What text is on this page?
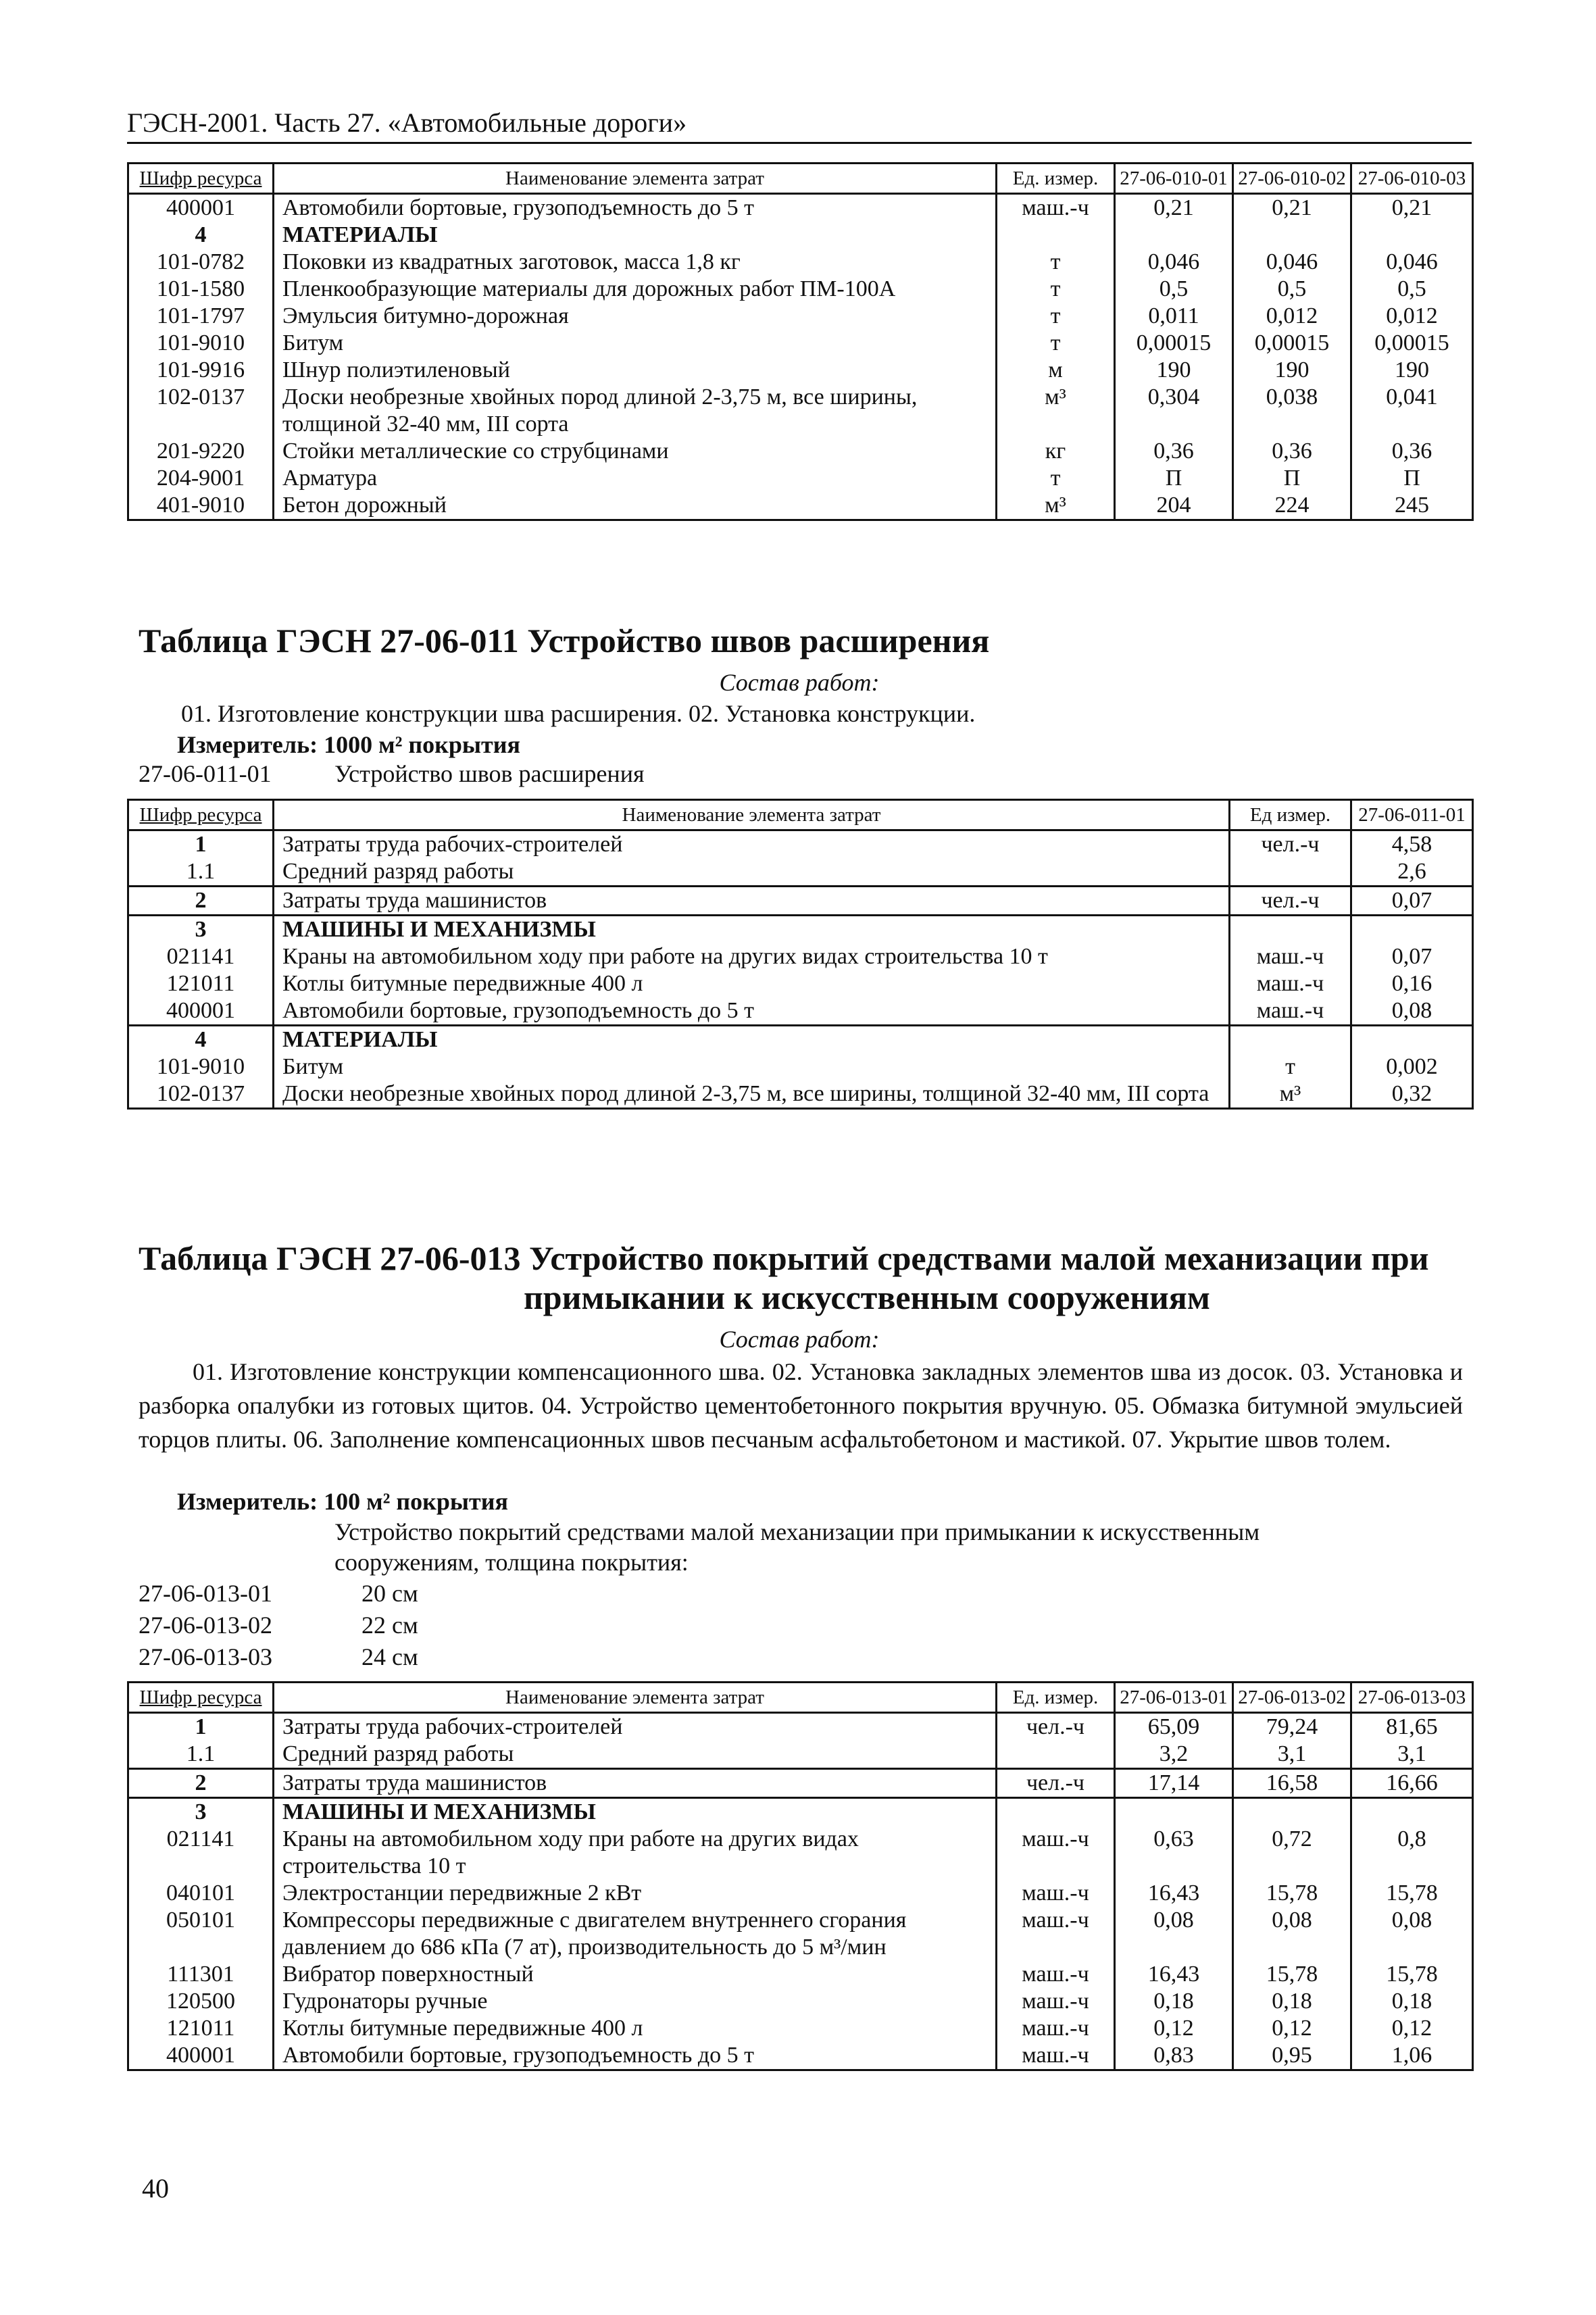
ГЭСН-2001. Часть 27. «Автомобильные дороги»
Шифр ресурса	Наименование элемента затрат	Ед. измер.	27-06-010-01	27-06-010-02	27-06-010-03
400001	Автомобили бортовые, грузоподъемность до 5 т	маш.-ч	0,21	0,21	0,21
4	МАТЕРИАЛЫ				
101-0782	Поковки из квадратных заготовок, масса 1,8 кг	т	0,046	0,046	0,046
101-1580	Пленкообразующие материалы для дорожных работ ПМ-100А	т	0,5	0,5	0,5
101-1797	Эмульсия битумно-дорожная	т	0,011	0,012	0,012
101-9010	Битум	т	0,00015	0,00015	0,00015
101-9916	Шнур полиэтиленовый	м	190	190	190
102-0137	Доски необрезные хвойных пород длиной 2-3,75 м, все ширины, толщиной 32-40 мм, III сорта	м³	0,304	0,038	0,041
201-9220	Стойки металлические со струбцинами	кг	0,36	0,36	0,36
204-9001	Арматура	т	П	П	П
401-9010	Бетон дорожный	м³	204	224	245
Таблица ГЭСН 27-06-011 Устройство швов расширения
Состав работ:
01. Изготовление конструкции шва расширения. 02. Установка конструкции.
Измеритель: 1000 м² покрытия
27-06-011-01	Устройство швов расширения
Шифр ресурса	Наименование элемента затрат	Ед измер.	27-06-011-01
1	Затраты труда рабочих-строителей	чел.-ч	4,58
1.1	Средний разряд работы		2,6
2	Затраты труда машинистов	чел.-ч	0,07
3	МАШИНЫ И МЕХАНИЗМЫ		
021141	Краны на автомобильном ходу при работе на других видах строительства 10 т	маш.-ч	0,07
121011	Котлы битумные передвижные 400 л	маш.-ч	0,16
400001	Автомобили бортовые, грузоподъемность до 5 т	маш.-ч	0,08
4	МАТЕРИАЛЫ		
101-9010	Битум	т	0,002
102-0137	Доски необрезные хвойных пород длиной 2-3,75 м, все ширины, толщиной 32-40 мм, III сорта	м³	0,32
Таблица ГЭСН 27-06-013 Устройство покрытий средствами малой механизации при
примыкании к искусственным сооружениям
Состав работ:
01. Изготовление конструкции компенсационного шва. 02. Установка закладных элементов шва из досок. 03. Установка и разборка опалубки из готовых щитов. 04. Устройство цементобетонного покрытия вручную. 05. Обмазка битумной эмульсией торцов плиты. 06. Заполнение компенсационных швов песчаным асфальтобетоном и мастикой. 07. Укрытие швов толем.
Измеритель: 100 м² покрытия
Устройство покрытий средствами малой механизации при примыкании к искусственным
сооружениям, толщина покрытия:
27-06-013-01	20 см
27-06-013-02	22 см
27-06-013-03	24 см
Шифр ресурса	Наименование элемента затрат	Ед. измер.	27-06-013-01	27-06-013-02	27-06-013-03
1	Затраты труда рабочих-строителей	чел.-ч	65,09	79,24	81,65
1.1	Средний разряд работы		3,2	3,1	3,1
2	Затраты труда машинистов	чел.-ч	17,14	16,58	16,66
3	МАШИНЫ И МЕХАНИЗМЫ				
021141	Краны на автомобильном ходу при работе на других видах строительства 10 т	маш.-ч	0,63	0,72	0,8
040101	Электростанции передвижные 2 кВт	маш.-ч	16,43	15,78	15,78
050101	Компрессоры передвижные с двигателем внутреннего сгорания давлением до 686 кПа (7 ат), производительность до 5 м³/мин	маш.-ч	0,08	0,08	0,08
111301	Вибратор поверхностный	маш.-ч	16,43	15,78	15,78
120500	Гудронаторы ручные	маш.-ч	0,18	0,18	0,18
121011	Котлы битумные передвижные 400 л	маш.-ч	0,12	0,12	0,12
400001	Автомобили бортовые, грузоподъемность до 5 т	маш.-ч	0,83	0,95	1,06
40
